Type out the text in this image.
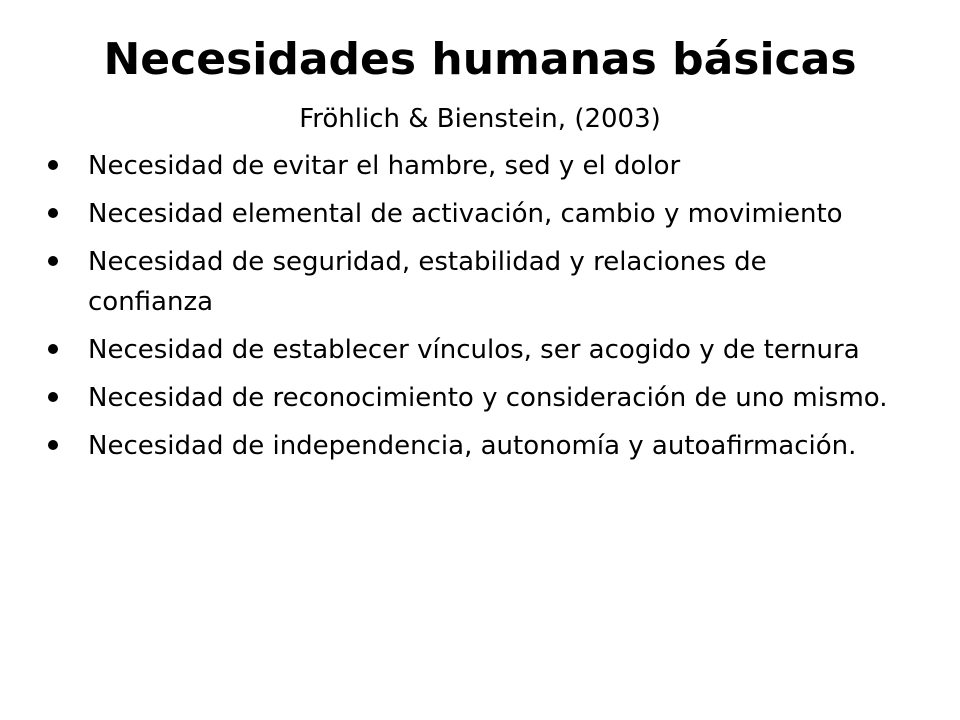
Necesidades humanas básicas
Fröhlich & Bienstein, (2003)
Necesidad de evitar el hambre, sed y el dolor
Necesidad elemental de activación, cambio y movimiento
Necesidad de seguridad, estabilidad y relaciones de confianza
Necesidad de establecer vínculos, ser acogido y de ternura
Necesidad de reconocimiento y consideración de uno mismo.
Necesidad de independencia, autonomía y autoafirmación.
